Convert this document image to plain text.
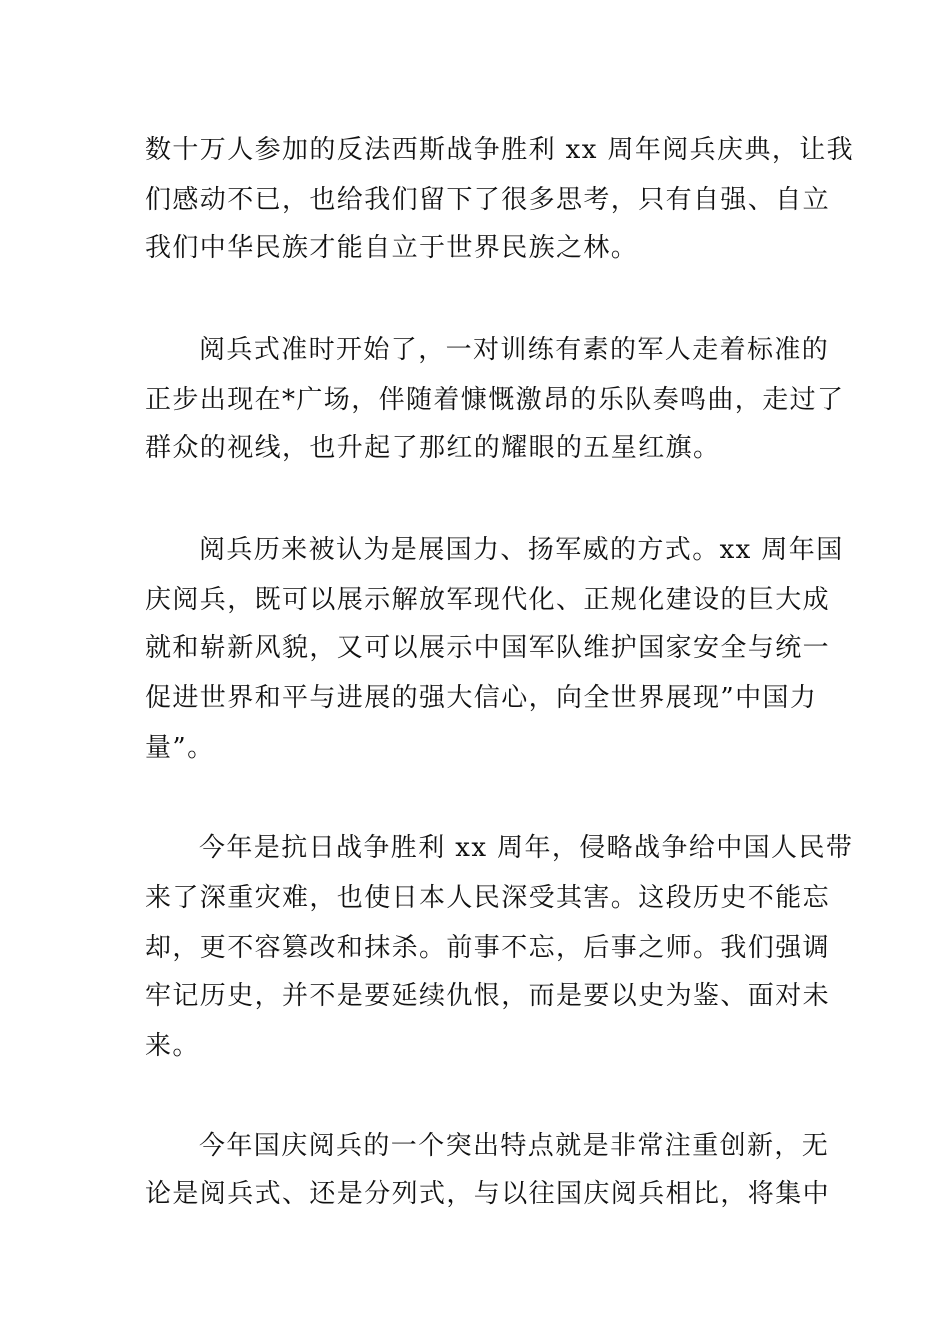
数十万人参加的反法西斯战争胜利 xx 周年阅兵庆典，让我
们感动不已，也给我们留下了很多思考，只有自强、自立
我们中华民族才能自立于世界民族之林。
阅兵式准时开始了，一对训练有素的军人走着标准的
正步出现在*广场，伴随着慷慨激昂的乐队奏鸣曲，走过了
群众的视线，也升起了那红的耀眼的五星红旗。
阅兵历来被认为是展国力、扬军威的方式。xx 周年国
庆阅兵，既可以展示解放军现代化、正规化建设的巨大成
就和崭新风貌，又可以展示中国军队维护国家安全与统一
促进世界和平与进展的强大信心，向全世界展现”中国力
量”。
今年是抗日战争胜利 xx 周年，侵略战争给中国人民带
来了深重灾难，也使日本人民深受其害。这段历史不能忘
却，更不容篡改和抹杀。前事不忘，后事之师。我们强调
牢记历史，并不是要延续仇恨，而是要以史为鉴、面对未
来。
今年国庆阅兵的一个突出特点就是非常注重创新，无
论是阅兵式、还是分列式，与以往国庆阅兵相比，将集中
